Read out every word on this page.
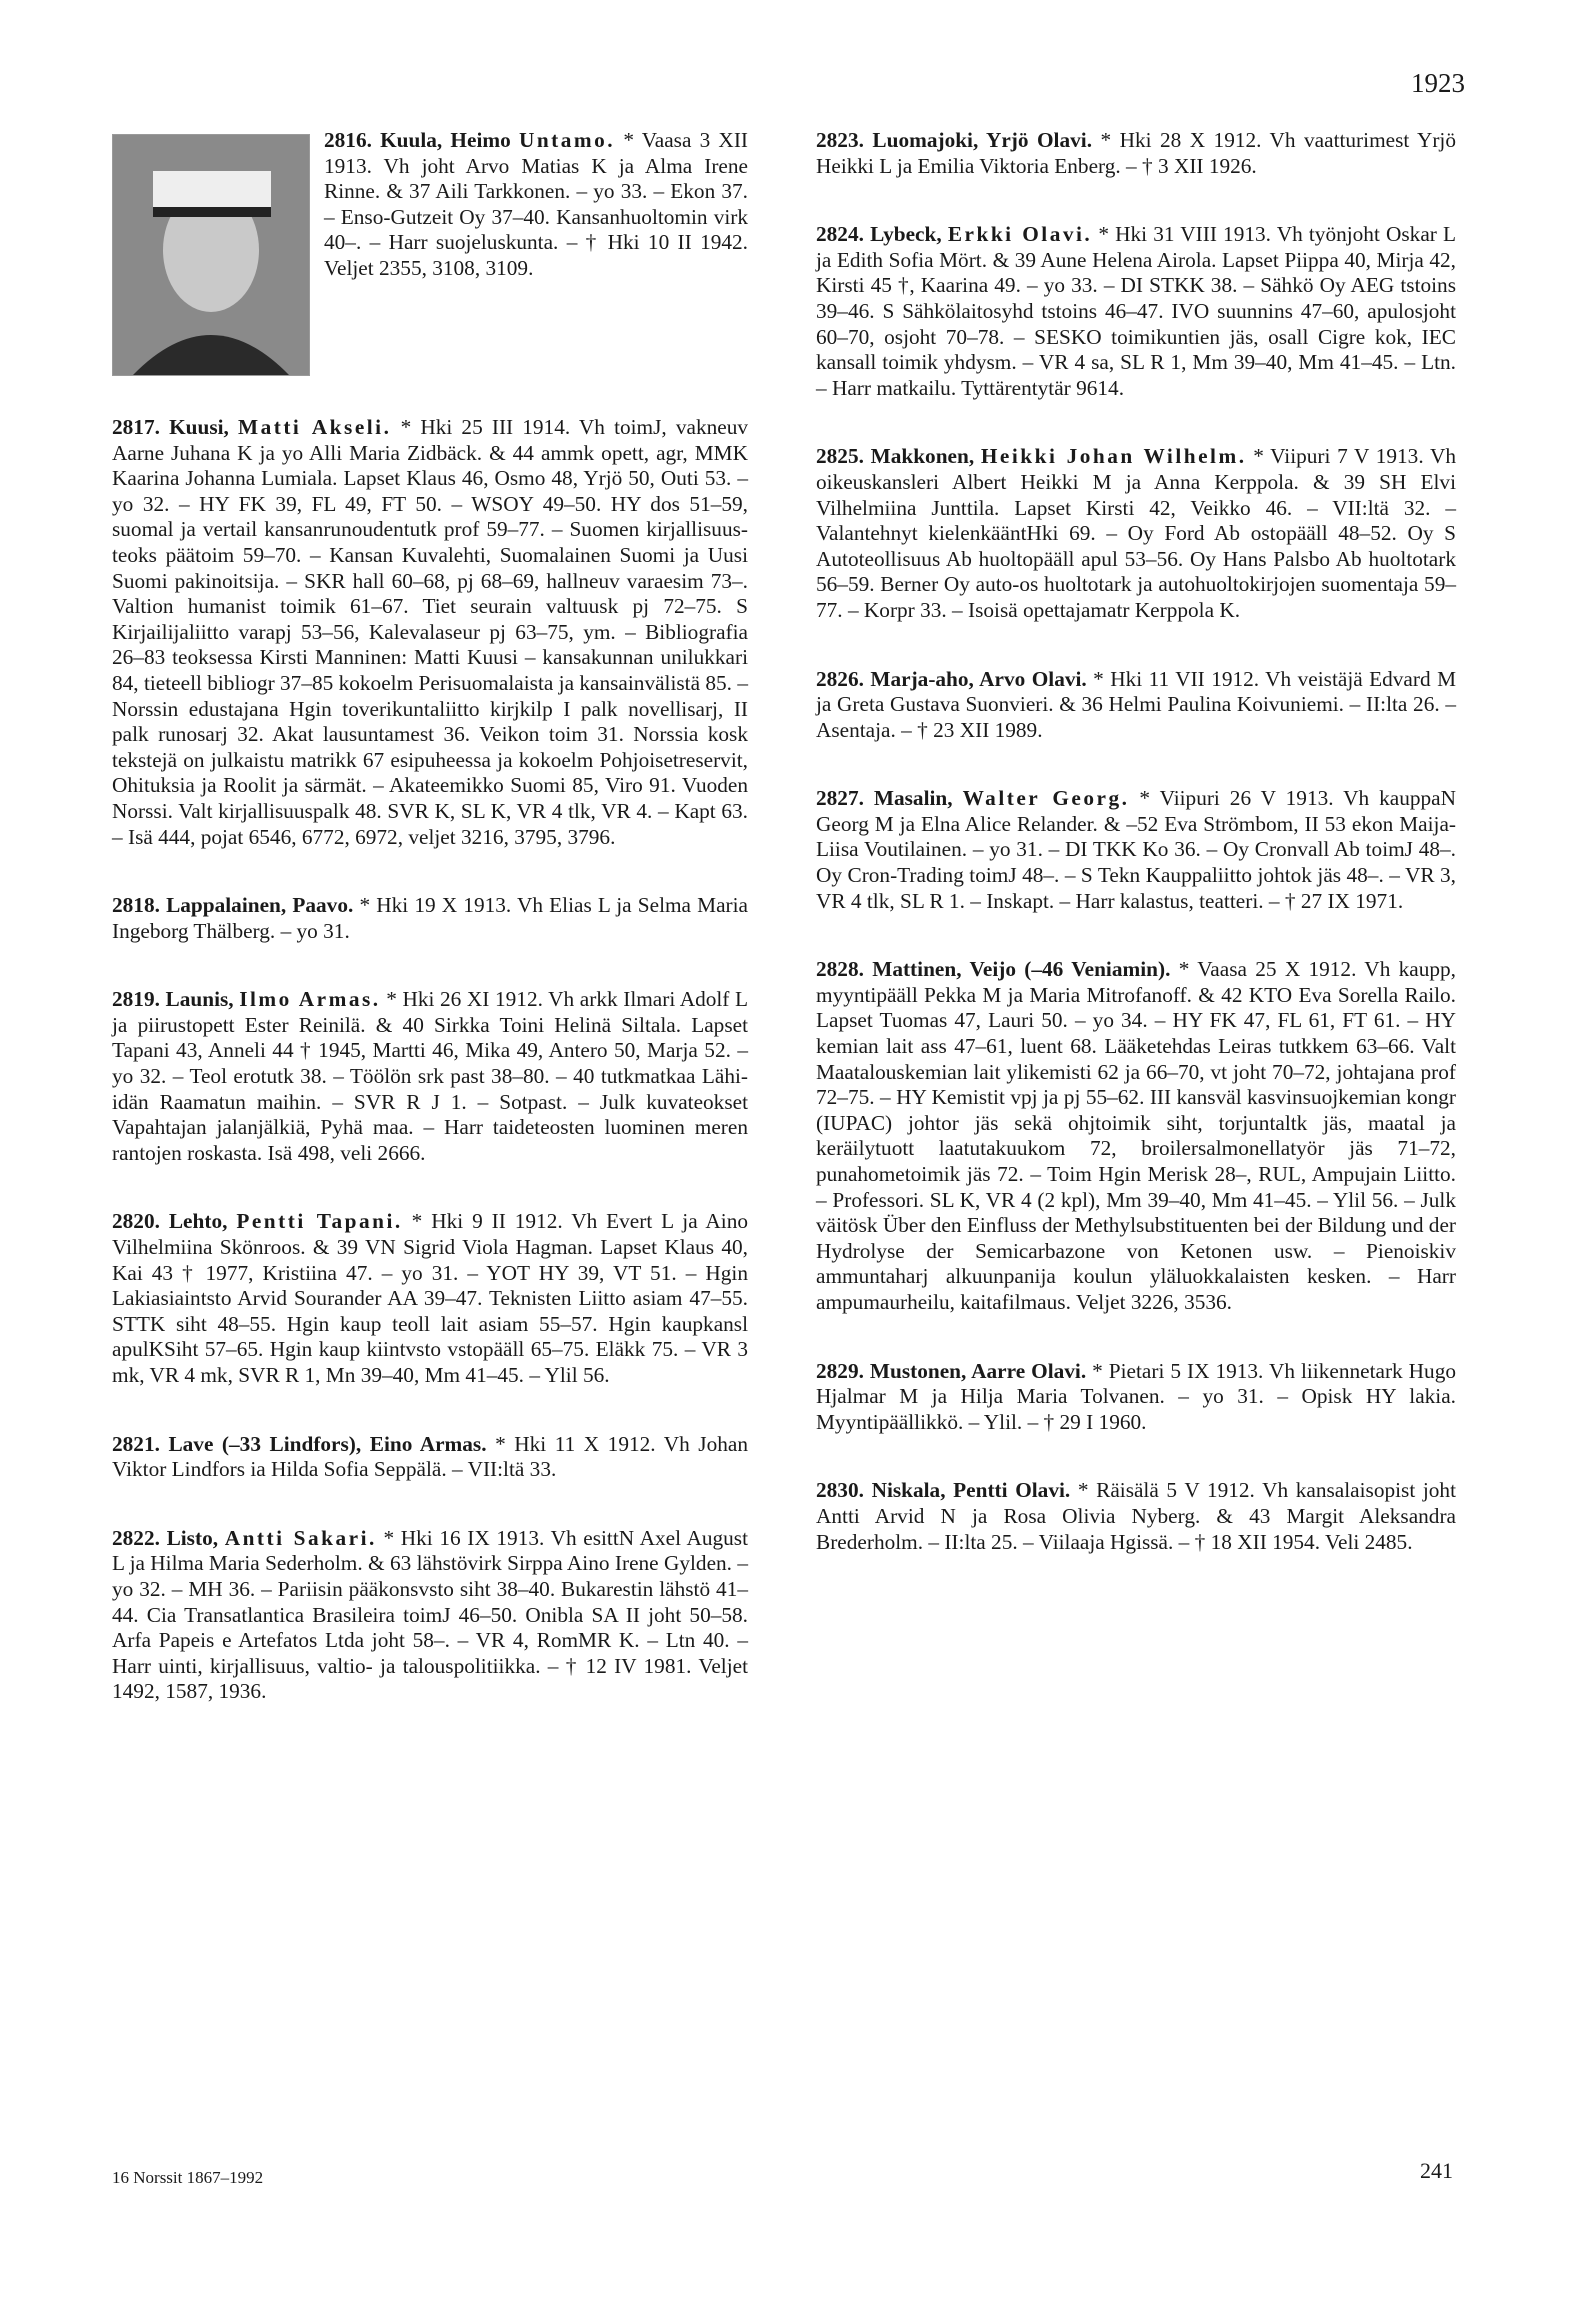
1923
2816. Kuula, Heimo Untamo. * Vaasa 3 XII 1913. Vh joht Arvo Matias K ja Alma Irene Rinne. & 37 Aili Tarkkonen. – yo 33. – Ekon 37. – Enso-Gutzeit Oy 37–40. Kansanhuoltomin virk 40–. – Harr suojeluskunta. – † Hki 10 II 1942. Veljet 2355, 3108, 3109.
2817. Kuusi, Matti Akseli. * Hki 25 III 1914. Vh toimJ, vakneuv Aarne Juhana K ja yo Alli Maria Zidbäck. & 44 ammk opett, agr, MMK Kaarina Johanna Lumiala. Lapset Klaus 46, Osmo 48, Yrjö 50, Outi 53. – yo 32. – HY FK 39, FL 49, FT 50. – WSOY 49–50. HY dos 51–59, suomal ja vertail kansanrunoudentutk prof 59–77. – Suomen kirjallisuus-teoks päätoim 59–70. – Kansan Kuvalehti, Suomalainen Suomi ja Uusi Suomi pakinoitsija. – SKR hall 60–68, pj 68–69, hallneuv varaesim 73–. Valtion humanist toimik 61–67. Tiet seurain valtuusk pj 72–75. S Kirjailijaliitto varapj 53–56, Kalevalaseur pj 63–75, ym. – Bibliografia 26–83 teoksessa Kirsti Manninen: Matti Kuusi – kansakunnan unilukkari 84, tieteell bibliogr 37–85 kokoelm Perisuomalaista ja kansainvälistä 85. – Norssin edustajana Hgin toverikuntaliitto kirjkilp I palk novellisarj, II palk runosarj 32. Akat lausuntamest 36. Veikon toim 31. Norssia kosk tekstejä on julkaistu matrikk 67 esipuheessa ja kokoelm Pohjoisetreservit, Ohituksia ja Roolit ja särmät. – Akateemikko Suomi 85, Viro 91. Vuoden Norssi. Valt kirjallisuuspalk 48. SVR K, SL K, VR 4 tlk, VR 4. – Kapt 63. – Isä 444, pojat 6546, 6772, 6972, veljet 3216, 3795, 3796.
2818. Lappalainen, Paavo. * Hki 19 X 1913. Vh Elias L ja Selma Maria Ingeborg Thälberg. – yo 31.
2819. Launis, Ilmo Armas. * Hki 26 XI 1912. Vh arkk Ilmari Adolf L ja piirustopett Ester Reinilä. & 40 Sirkka Toini Helinä Siltala. Lapset Tapani 43, Anneli 44 † 1945, Martti 46, Mika 49, Antero 50, Marja 52. – yo 32. – Teol erotutk 38. – Töölön srk past 38–80. – 40 tutkmatkaa Lähi-idän Raamatun maihin. – SVR R J 1. – Sotpast. – Julk kuvateokset Vapahtajan jalanjälkiä, Pyhä maa. – Harr taideteosten luominen meren rantojen roskasta. Isä 498, veli 2666.
2820. Lehto, Pentti Tapani. * Hki 9 II 1912. Vh Evert L ja Aino Vilhelmiina Skönroos. & 39 VN Sigrid Viola Hagman. Lapset Klaus 40, Kai 43 † 1977, Kristiina 47. – yo 31. – YOT HY 39, VT 51. – Hgin Lakiasiaintsto Arvid Sourander AA 39–47. Teknisten Liitto asiam 47–55. STTK siht 48–55. Hgin kaup teoll lait asiam 55–57. Hgin kaupkansl apulKSiht 57–65. Hgin kaup kiintvsto vstopääll 65–75. Eläkk 75. – VR 3 mk, VR 4 mk, SVR R 1, Mn 39–40, Mm 41–45. – Ylil 56.
2821. Lave (–33 Lindfors), Eino Armas. * Hki 11 X 1912. Vh Johan Viktor Lindfors ia Hilda Sofia Seppälä. – VII:ltä 33.
2822. Listo, Antti Sakari. * Hki 16 IX 1913. Vh esittN Axel August L ja Hilma Maria Sederholm. & 63 lähstövirk Sirppa Aino Irene Gylden. – yo 32. – MH 36. – Pariisin pääkonsvsto siht 38–40. Bukarestin lähstö 41–44. Cia Transatlantica Brasileira toimJ 46–50. Onibla SA II joht 50–58. Arfa Papeis e Artefatos Ltda joht 58–. – VR 4, RomMR K. – Ltn 40. – Harr uinti, kirjallisuus, valtio- ja talouspolitiikka. – † 12 IV 1981. Veljet 1492, 1587, 1936.
2823. Luomajoki, Yrjö Olavi. * Hki 28 X 1912. Vh vaatturimest Yrjö Heikki L ja Emilia Viktoria Enberg. – † 3 XII 1926.
2824. Lybeck, Erkki Olavi. * Hki 31 VIII 1913. Vh työnjoht Oskar L ja Edith Sofia Mört. & 39 Aune Helena Airola. Lapset Piippa 40, Mirja 42, Kirsti 45 †, Kaarina 49. – yo 33. – DI STKK 38. – Sähkö Oy AEG tstoins 39–46. S Sähkölaitosyhd tstoins 46–47. IVO suunnins 47–60, apulosjoht 60–70, osjoht 70–78. – SESKO toimikuntien jäs, osall Cigre kok, IEC kansall toimik yhdysm. – VR 4 sa, SL R 1, Mm 39–40, Mm 41–45. – Ltn. – Harr matkailu. Tyttärentytär 9614.
2825. Makkonen, Heikki Johan Wilhelm. * Viipuri 7 V 1913. Vh oikeuskansleri Albert Heikki M ja Anna Kerppola. & 39 SH Elvi Vilhelmiina Junttila. Lapset Kirsti 42, Veikko 46. – VII:ltä 32. – Valantehnyt kielenkääntHki 69. – Oy Ford Ab ostopääll 48–52. Oy S Autoteollisuus Ab huoltopääll apul 53–56. Oy Hans Palsbo Ab huoltotark 56–59. Berner Oy auto-os huoltotark ja autohuoltokirjojen suomentaja 59–77. – Korpr 33. – Isoisä opettajamatr Kerppola K.
2826. Marja-aho, Arvo Olavi. * Hki 11 VII 1912. Vh veistäjä Edvard M ja Greta Gustava Suonvieri. & 36 Helmi Paulina Koivuniemi. – II:lta 26. – Asentaja. – † 23 XII 1989.
2827. Masalin, Walter Georg. * Viipuri 26 V 1913. Vh kauppaN Georg M ja Elna Alice Relander. & –52 Eva Strömbom, II 53 ekon Maija-Liisa Voutilainen. – yo 31. – DI TKK Ko 36. – Oy Cronvall Ab toimJ 48–. Oy Cron-Trading toimJ 48–. – S Tekn Kauppaliitto johtok jäs 48–. – VR 3, VR 4 tlk, SL R 1. – Inskapt. – Harr kalastus, teatteri. – † 27 IX 1971.
2828. Mattinen, Veijo (–46 Veniamin). * Vaasa 25 X 1912. Vh kaupp, myyntipääll Pekka M ja Maria Mitrofanoff. & 42 KTO Eva Sorella Railo. Lapset Tuomas 47, Lauri 50. – yo 34. – HY FK 47, FL 61, FT 61. – HY kemian lait ass 47–61, luent 68. Lääketehdas Leiras tutkkem 63–66. Valt Maatalouskemian lait ylikemisti 62 ja 66–70, vt joht 70–72, johtajana prof 72–75. – HY Kemistit vpj ja pj 55–62. III kansväl kasvinsuojkemian kongr (IUPAC) johtor jäs sekä ohjtoimik siht, torjuntaltk jäs, maatal ja keräilytuott laatutakuukom 72, broilersalmonellatyör jäs 71–72, punahometoimik jäs 72. – Toim Hgin Merisk 28–, RUL, Ampujain Liitto. – Professori. SL K, VR 4 (2 kpl), Mm 39–40, Mm 41–45. – Ylil 56. – Julk väitösk Über den Einfluss der Methylsubstituenten bei der Bildung und der Hydrolyse der Semicarbazone von Ketonen usw. – Pienoiskiv ammuntaharj alkuunpanija koulun yläluokkalaisten kesken. – Harr ampumaurheilu, kaitafilmaus. Veljet 3226, 3536.
2829. Mustonen, Aarre Olavi. * Pietari 5 IX 1913. Vh liikennetark Hugo Hjalmar M ja Hilja Maria Tolvanen. – yo 31. – Opisk HY lakia. Myyntipäällikkö. – Ylil. – † 29 I 1960.
2830. Niskala, Pentti Olavi. * Räisälä 5 V 1912. Vh kansalaisopist joht Antti Arvid N ja Rosa Olivia Nyberg. & 43 Margit Aleksandra Brederholm. – II:lta 25. – Viilaaja Hgissä. – † 18 XII 1954. Veli 2485.
16 Norssit 1867–1992	241
